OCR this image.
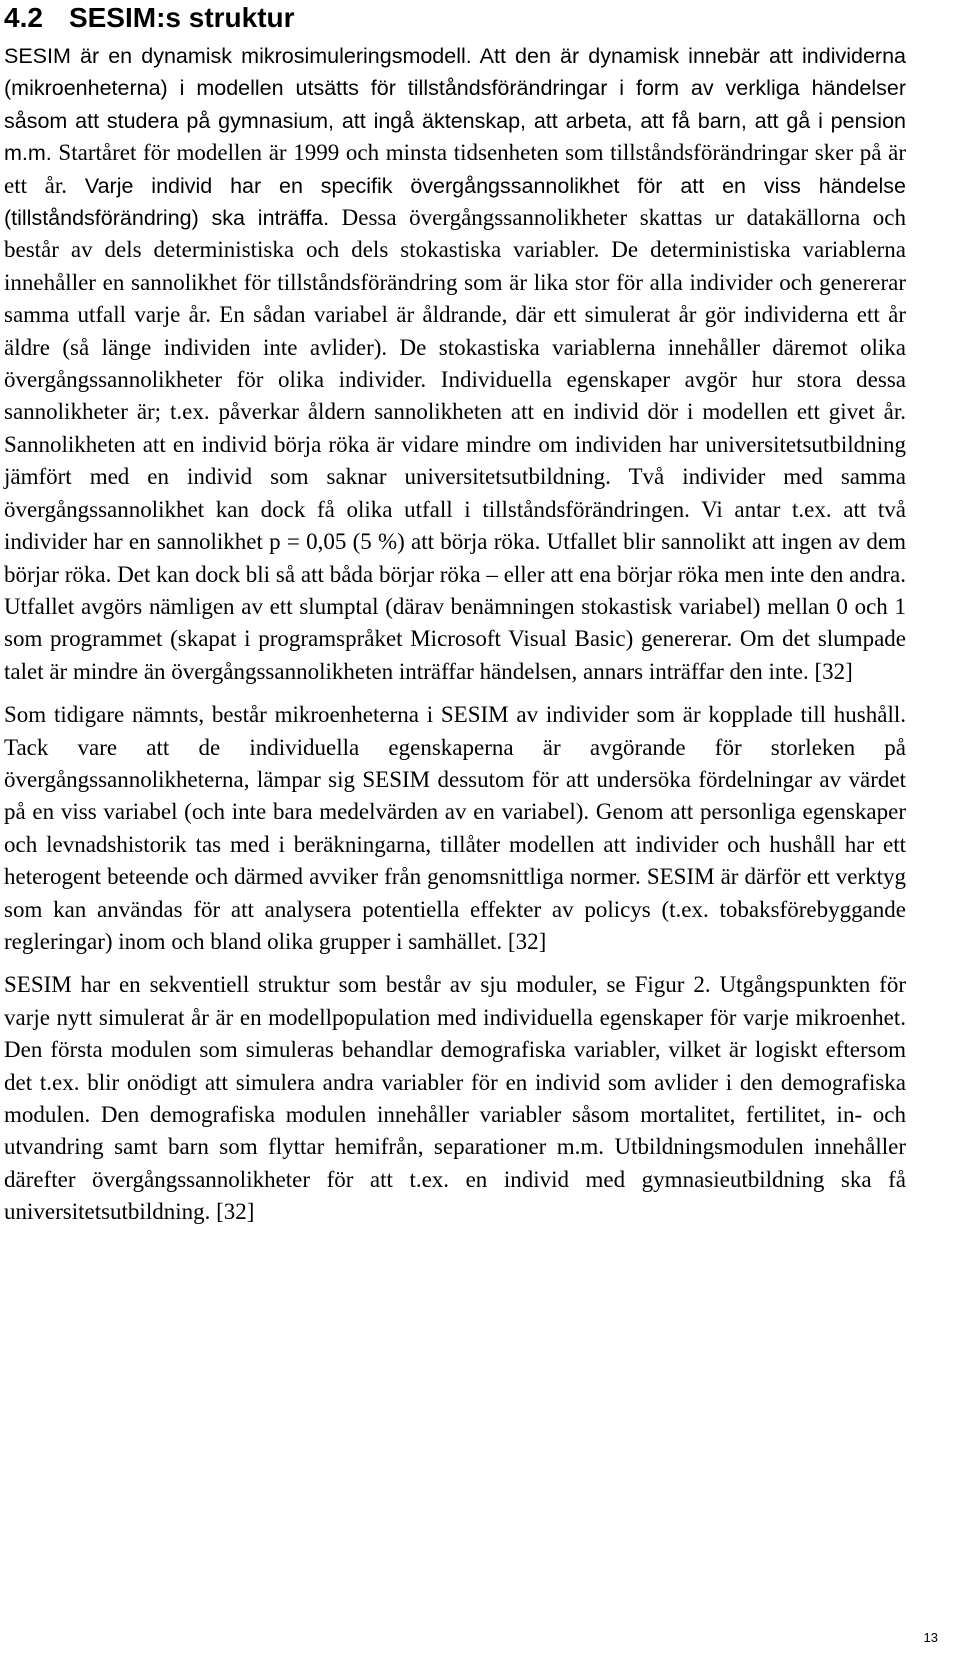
4.2 SESIM:s struktur

SESIM är en dynamisk mikrosimuleringsmodell. Att den är dynamisk innebär att individerna (mikroenheterna) i modellen utsätts för tillståndsförändringar i form av verkliga händelser såsom att studera på gymnasium, att ingå äktenskap, att arbeta, att få barn, att gå i pension m.m. Startåret för modellen är 1999 och minsta tidsenheten som tillståndsförändringar sker på är ett år. Varje individ har en specifik övergångssannolikhet för att en viss händelse (tillståndsförändring) ska inträffa. Dessa övergångssannolikheter skattas ur datakällorna och består av dels deterministiska och dels stokastiska variabler. De deterministiska variablerna innehåller en sannolikhet för tillståndsförändring som är lika stor för alla individer och genererar samma utfall varje år. En sådan variabel är åldrande, där ett simulerat år gör individerna ett år äldre (så länge individen inte avlider). De stokastiska variablerna innehåller däremot olika övergångssannolikheter för olika individer. Individuella egenskaper avgör hur stora dessa sannolikheter är; t.ex. påverkar åldern sannolikheten att en individ dör i modellen ett givet år. Sannolikheten att en individ börja röka är vidare mindre om individen har universitetsutbildning jämfört med en individ som saknar universitetsutbildning. Två individer med samma övergångssannolikhet kan dock få olika utfall i tillståndsförändringen. Vi antar t.ex. att två individer har en sannolikhet p = 0,05 (5 %) att börja röka. Utfallet blir sannolikt att ingen av dem börjar röka. Det kan dock bli så att båda börjar röka – eller att ena börjar röka men inte den andra. Utfallet avgörs nämligen av ett slumptal (därav benämningen stokastisk variabel) mellan 0 och 1 som programmet (skapat i programspråket Microsoft Visual Basic) genererar. Om det slumpade talet är mindre än övergångssannolikheten inträffar händelsen, annars inträffar den inte. [32]

Som tidigare nämnts, består mikroenheterna i SESIM av individer som är kopplade till hushåll. Tack vare att de individuella egenskaperna är avgörande för storleken på övergångssannolikheterna, lämpar sig SESIM dessutom för att undersöka fördelningar av värdet på en viss variabel (och inte bara medelvärden av en variabel). Genom att personliga egenskaper och levnadshistorik tas med i beräkningarna, tillåter modellen att individer och hushåll har ett heterogent beteende och därmed avviker från genomsnittliga normer. SESIM är därför ett verktyg som kan användas för att analysera potentiella effekter av policys (t.ex. tobaksförebyggande regleringar) inom och bland olika grupper i samhället. [32]

SESIM har en sekventiell struktur som består av sju moduler, se Figur 2. Utgångspunkten för varje nytt simulerat år är en modellpopulation med individuella egenskaper för varje mikroenhet. Den första modulen som simuleras behandlar demografiska variabler, vilket är logiskt eftersom det t.ex. blir onödigt att simulera andra variabler för en individ som avlider i den demografiska modulen. Den demografiska modulen innehåller variabler såsom mortalitet, fertilitet, in- och utvandring samt barn som flyttar hemifrån, separationer m.m. Utbildningsmodulen innehåller därefter övergångssannolikheter för att t.ex. en individ med gymnasieutbildning ska få universitetsutbildning. [32]

13
